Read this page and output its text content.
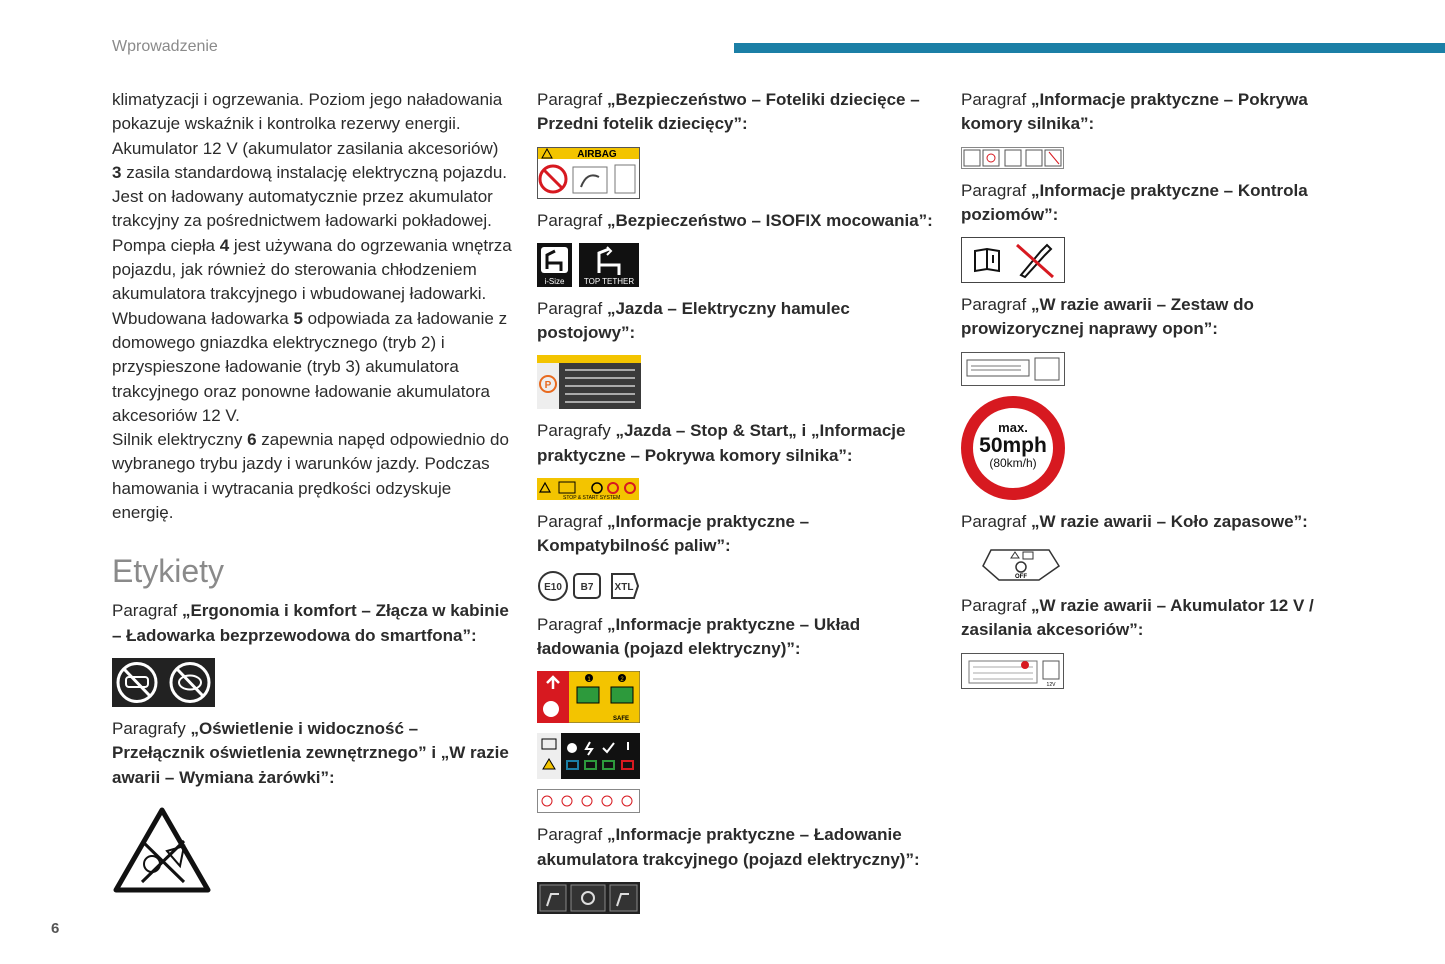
Wprowadzenie

klimatyzacji i ogrzewania. Poziom jego naładowania pokazuje wskaźnik i kontrolka rezerwy energii.

Akumulator 12 V (akumulator zasilania akcesoriów) 3 zasila standardową instalację elektryczną pojazdu. Jest on ładowany automatycznie przez akumulator trakcyjny za pośrednictwem ładowarki pokładowej.

Pompa ciepła 4 jest używana do ogrzewania wnętrza pojazdu, jak również do sterowania chłodzeniem akumulatora trakcyjnego i wbudowanej ładowarki.

Wbudowana ładowarka 5 odpowiada za ładowanie z domowego gniazdka elektrycznego (tryb 2) i przyspieszone ładowanie (tryb 3) akumulatora trakcyjnego oraz ponowne ładowanie akumulatora akcesoriów 12 V.

Silnik elektryczny 6 zapewnia napęd odpowiednio do wybranego trybu jazdy i warunków jazdy. Podczas hamowania i wytracania prędkości odzyskuje energię.

Etykiety

Paragraf „Ergonomia i komfort – Złącza w kabinie – Ładowarka bezprzewodowa do smartfona”:

Paragrafy „Oświetlenie i widoczność – Przełącznik oświetlenia zewnętrznego” i „W razie awarii – Wymiana żarówki”:

Paragraf „Bezpieczeństwo – Foteliki dziecięce – Przedni fotelik dziecięcy”:

AIRBAG

Paragraf „Bezpieczeństwo – ISOFIX mocowania”:

i-Size TOP TETHER

Paragraf „Jazda – Elektryczny hamulec postojowy”:

P

Paragrafy „Jazda – Stop & Start„ i „Informacje praktyczne – Pokrywa komory silnika”:

STOP & START SYSTEM

Paragraf „Informacje praktyczne – Kompatybilność paliw”:

E10 B7 XTL

Paragraf „Informacje praktyczne – Układ ładowania (pojazd elektryczny)”:

1	2
SAFE

Paragraf „Informacje praktyczne – Ładowanie akumulatora trakcyjnego (pojazd elektryczny)”:

Paragraf „Informacje praktyczne – Pokrywa komory silnika”:

Paragraf „Informacje praktyczne – Kontrola poziomów”:

Paragraf „W razie awarii – Zestaw do prowizorycznej naprawy opon”:

max.
50mph
(80km/h)

Paragraf „W razie awarii – Koło zapasowe”:

OFF

Paragraf „W razie awarii – Akumulator 12 V / zasilania akcesoriów”:

12V
6
